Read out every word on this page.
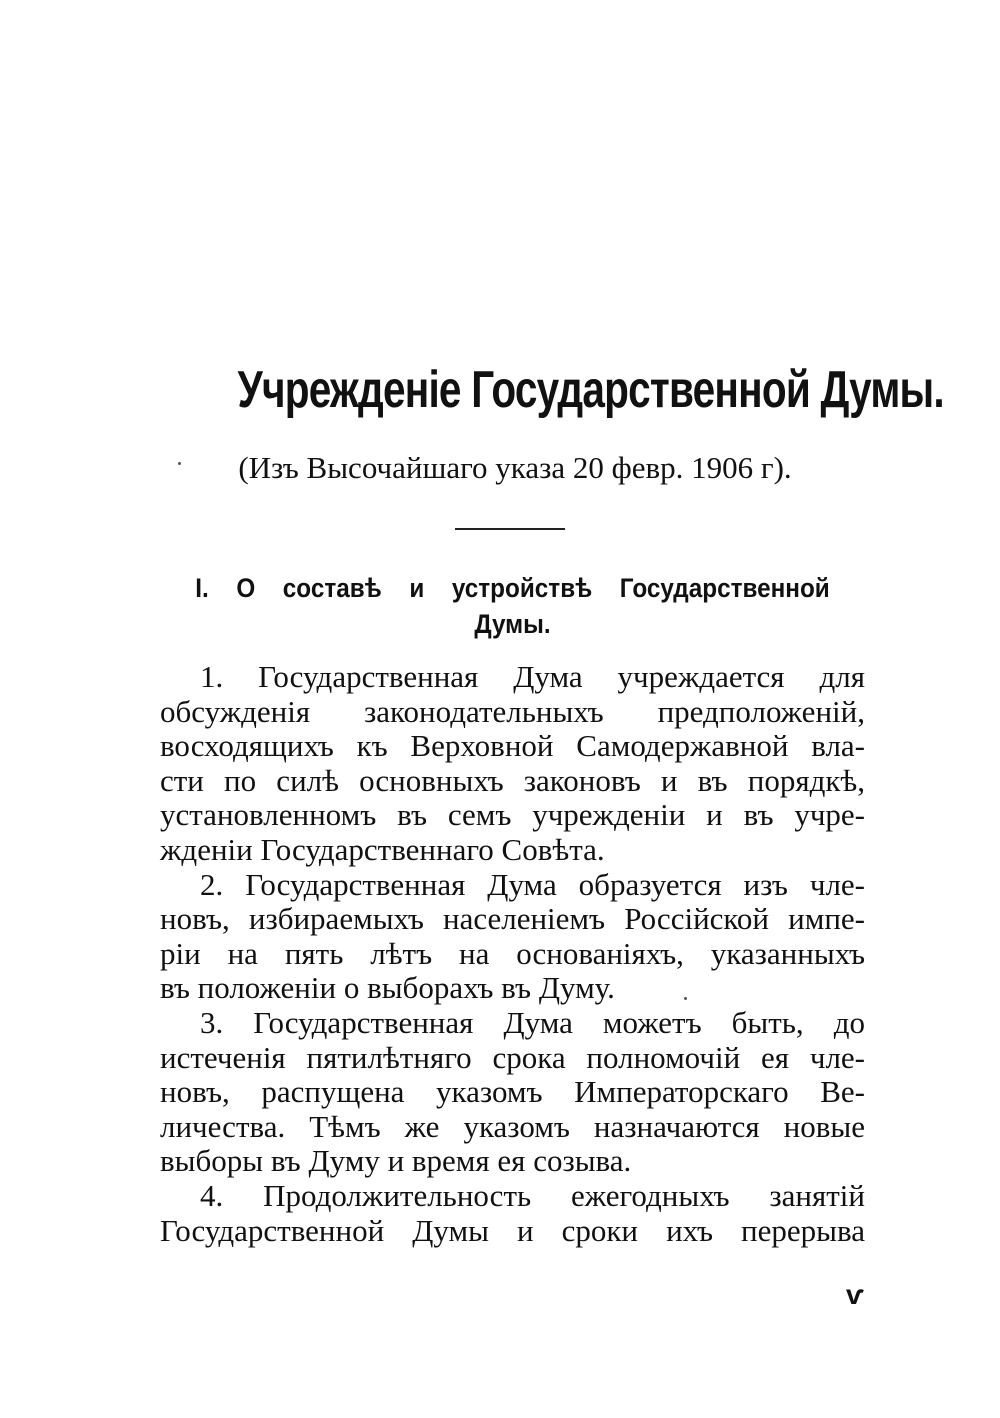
Учрежденіе Государственной Думы.
(Изъ Высочайшаго указа 20 февр. 1906 г).
I. О составѣ и устройствѣ Государственной
Думы.
1. Государственная Дума учреждается для
обсужденія законодательныхъ предположеній,
восходящихъ къ Верховной Самодержавной вла-
сти по силѣ основныхъ законовъ и въ порядкѣ,
установленномъ въ семъ учрежденіи и въ учре-
жденіи Государственнаго Совѣта.
2. Государственная Дума образуется изъ чле-
новъ, избираемыхъ населеніемъ Россійской импе-
ріи на пять лѣтъ на основаніяхъ, указанныхъ
въ положеніи о выборахъ въ Думу.
3. Государственная Дума можетъ быть, до
истеченія пятилѣтняго срока полномочій ея чле-
новъ, распущена указомъ Императорскаго Ве-
личества. Тѣмъ же указомъ назначаются новые
выборы въ Думу и время ея созыва.
4. Продолжительность ежегодныхъ занятій
Государственной Думы и сроки ихъ перерыва
ѵ
